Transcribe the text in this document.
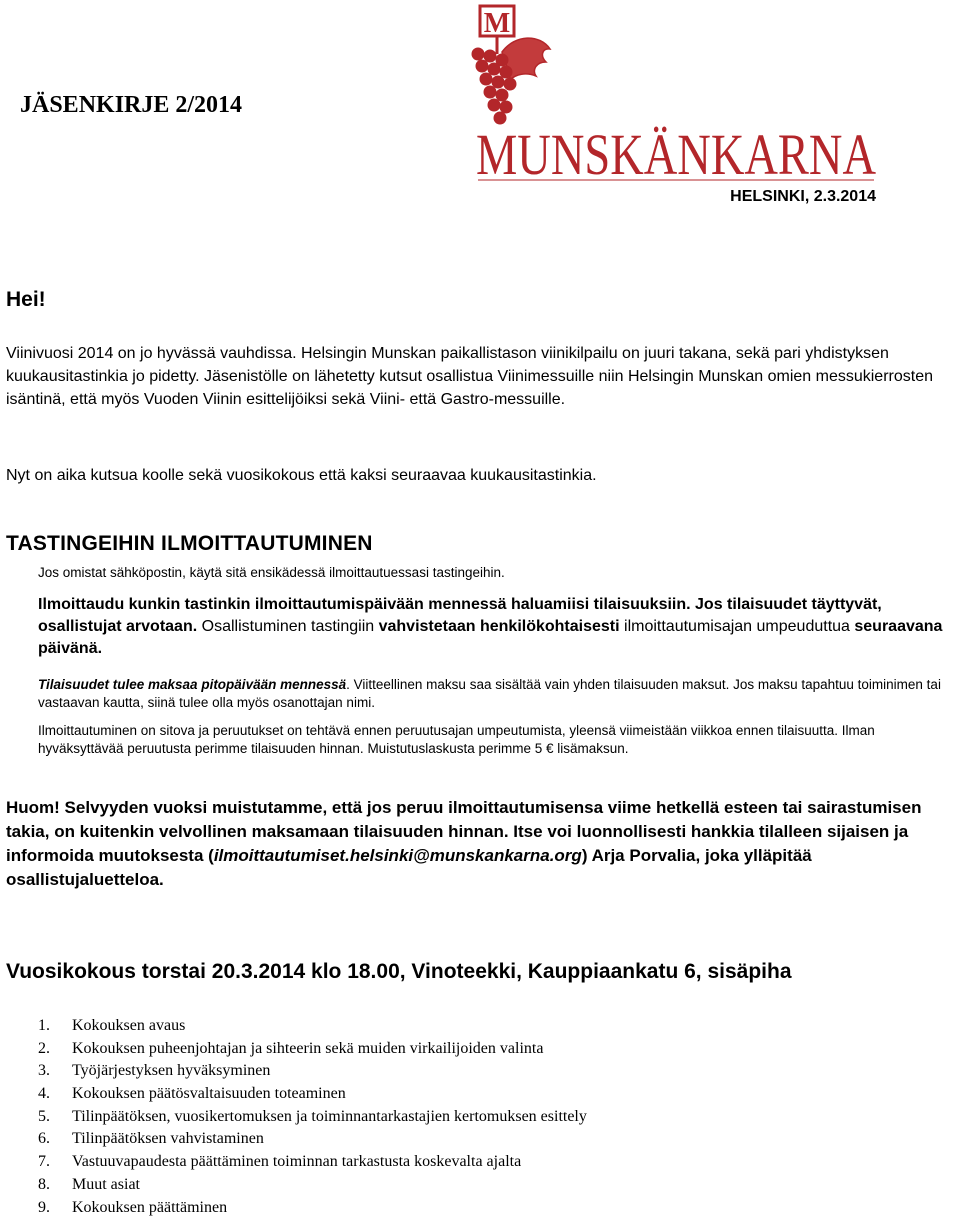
JÄSENKIRJE 2/2014
M
MUNSKÄNKARNA
HELSINKI, 2.3.2014
Hei!
Viinivuosi 2014 on jo hyvässä vauhdissa. Helsingin Munskan paikallistason viinikilpailu on juuri takana, sekä pari yhdistyksen kuukausitastinkia jo pidetty. Jäsenistölle on lähetetty kutsut osallistua Viinimessuille niin Helsingin Munskan omien messukierrosten isäntinä, että myös Vuoden Viinin esittelijöiksi sekä Viini- että Gastro-messuille.
Nyt on aika kutsua koolle sekä vuosikokous että kaksi seuraavaa kuukausitastinkia.
TASTINGEIHIN ILMOITTAUTUMINEN
Jos omistat sähköpostin, käytä sitä ensikädessä ilmoittautuessasi tastingeihin.
Ilmoittaudu kunkin tastinkin ilmoittautumispäivään mennessä haluamiisi tilaisuuksiin. Jos tilaisuudet täyttyvät, osallistujat arvotaan. Osallistuminen tastingiin vahvistetaan henkilökohtaisesti ilmoittautumisajan umpeuduttua seuraavana päivänä.
Tilaisuudet tulee maksaa pitopäivään mennessä. Viitteellinen maksu saa sisältää vain yhden tilaisuuden maksut. Jos maksu tapahtuu toiminimen tai vastaavan kautta, siinä tulee olla myös osanottajan nimi.
Ilmoittautuminen on sitova ja peruutukset on tehtävä ennen peruutusajan umpeutumista, yleensä viimeistään viikkoa ennen tilaisuutta. Ilman hyväksyttävää peruutusta perimme tilaisuuden hinnan. Muistutuslaskusta perimme 5 € lisämaksun.
Huom! Selvyyden vuoksi muistutamme, että jos peruu ilmoittautumisensa viime hetkellä esteen tai sairastumisen takia, on kuitenkin velvollinen maksamaan tilaisuuden hinnan. Itse voi luonnollisesti hankkia tilalleen sijaisen ja informoida muutoksesta (ilmoittautumiset.helsinki@munskankarna.org) Arja Porvalia, joka ylläpitää osallistujaluetteloa.
Vuosikokous torstai 20.3.2014 klo 18.00, Vinoteekki, Kauppiaankatu 6, sisäpiha
1. Kokouksen avaus
2. Kokouksen puheenjohtajan ja sihteerin sekä muiden virkailijoiden valinta
3. Työjärjestyksen hyväksyminen
4. Kokouksen päätösvaltaisuuden toteaminen
5. Tilinpäätöksen, vuosikertomuksen ja toiminnantarkastajien kertomuksen esittely
6. Tilinpäätöksen vahvistaminen
7. Vastuuvapaudesta päättäminen toiminnan tarkastusta koskevalta ajalta
8. Muut asiat
9. Kokouksen päättäminen
